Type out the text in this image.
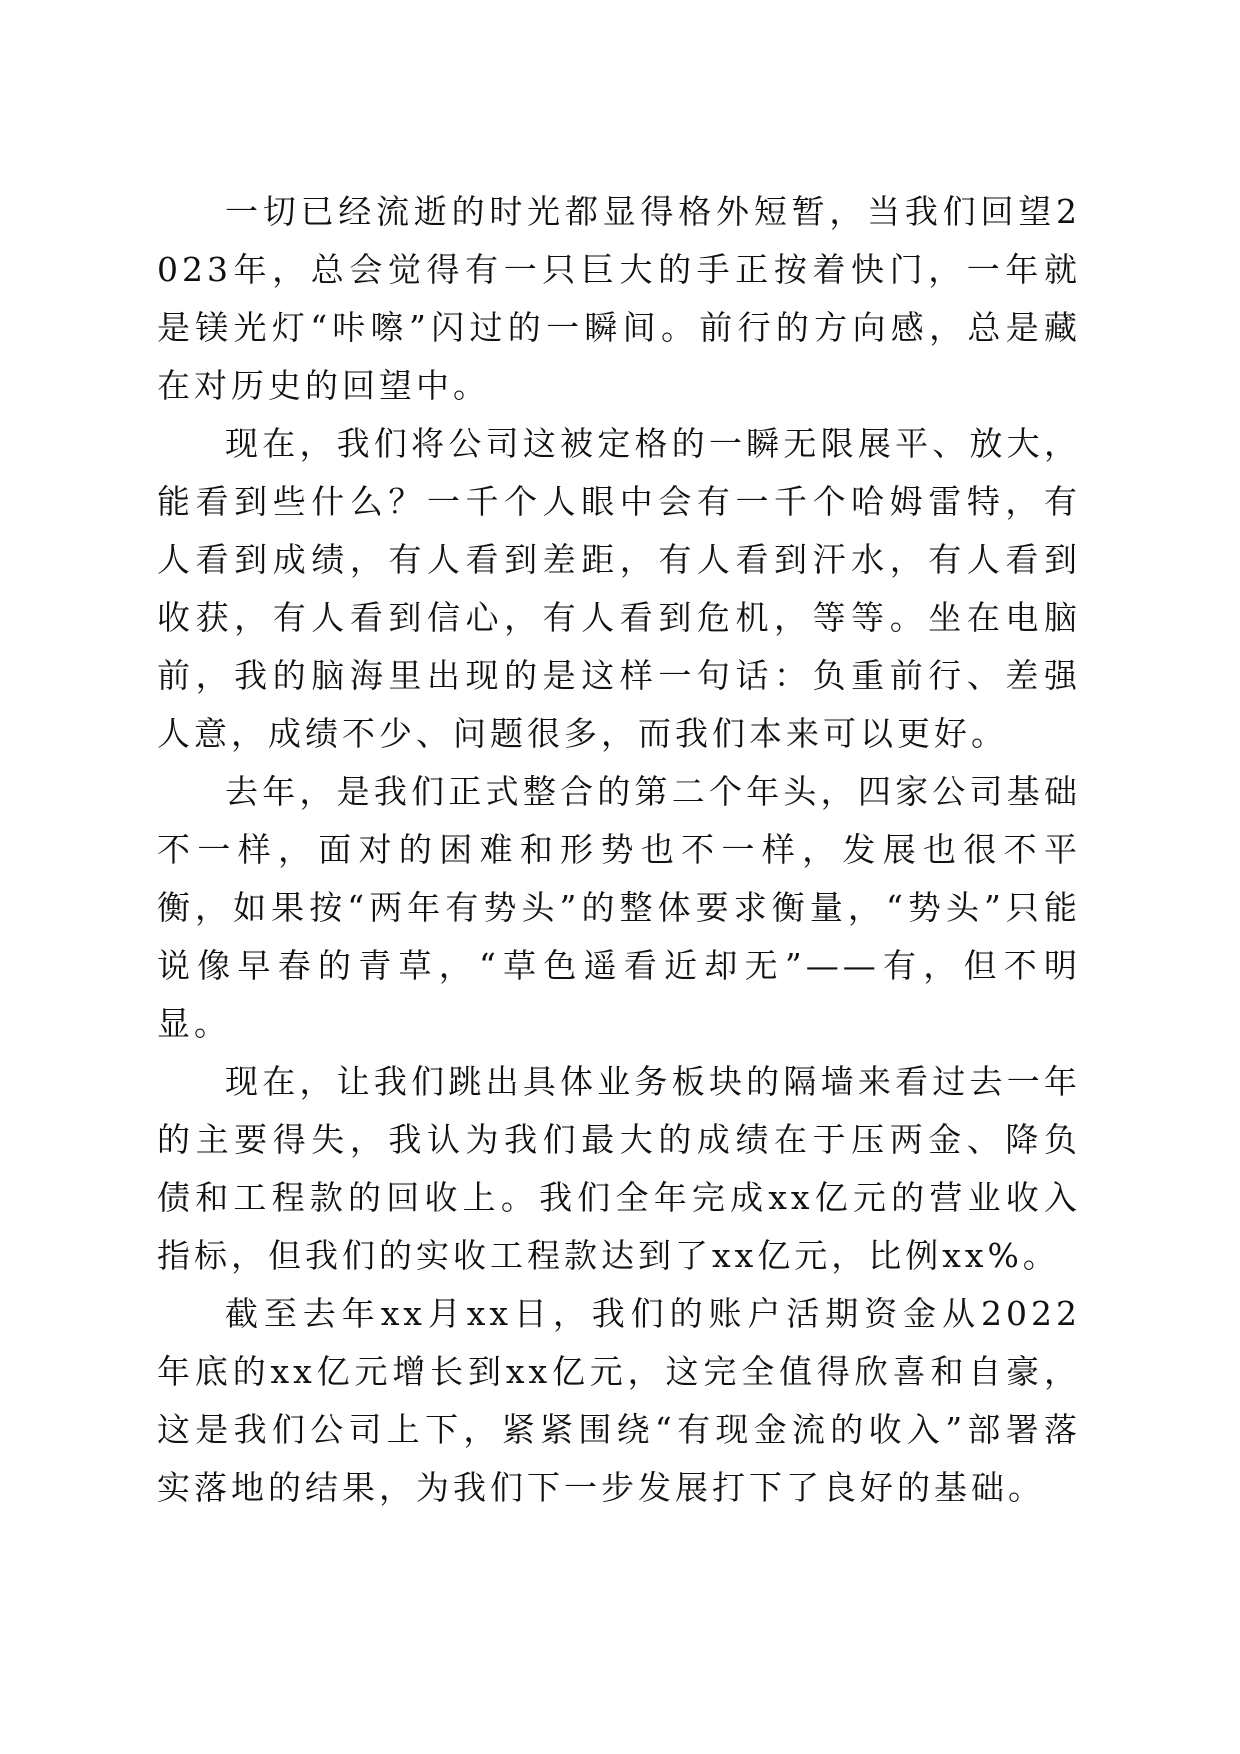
一切已经流逝的时光都显得格外短暂，当我们回望2023年，总会觉得有一只巨大的手正按着快门，一年就是镁光灯“咔嚓”闪过的一瞬间。前行的方向感，总是藏在对历史的回望中。

现在，我们将公司这被定格的一瞬无限展平、放大，能看到些什么？一千个人眼中会有一千个哈姆雷特，有人看到成绩，有人看到差距，有人看到汗水，有人看到收获，有人看到信心，有人看到危机，等等。坐在电脑前，我的脑海里出现的是这样一句话：负重前行、差强人意，成绩不少、问题很多，而我们本来可以更好。

去年，是我们正式整合的第二个年头，四家公司基础不一样，面对的困难和形势也不一样，发展也很不平衡，如果按“两年有势头”的整体要求衡量，“势头”只能说像早春的青草，“草色遥看近却无”——有，但不明显。

现在，让我们跳出具体业务板块的隔墙来看过去一年的主要得失，我认为我们最大的成绩在于压两金、降负债和工程款的回收上。我们全年完成xx亿元的营业收入指标，但我们的实收工程款达到了xx亿元，比例xx%。

截至去年xx月xx日，我们的账户活期资金从2022年底的xx亿元增长到xx亿元，这完全值得欣喜和自豪，这是我们公司上下，紧紧围绕“有现金流的收入”部署落实落地的结果，为我们下一步发展打下了良好的基础。
